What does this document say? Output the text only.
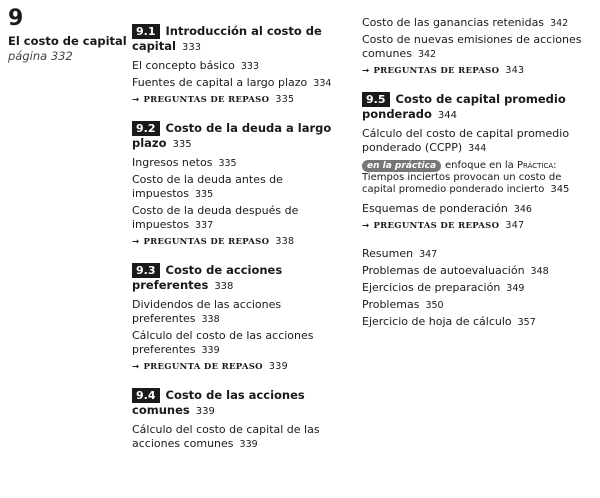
9
El costo de capital
página 332
9.1 Introducción al costo de capital 333
El concepto básico 333
Fuentes de capital a largo plazo 334
→ PREGUNTAS DE REPASO 335
9.2 Costo de la deuda a largo plazo 335
Ingresos netos 335
Costo de la deuda antes de impuestos 335
Costo de la deuda después de impuestos 337
→ PREGUNTAS DE REPASO 338
9.3 Costo de acciones preferentes 338
Dividendos de las acciones preferentes 338
Cálculo del costo de las acciones preferentes 339
→ PREGUNTA DE REPASO 339
9.4 Costo de las acciones comunes 339
Cálculo del costo de capital de las acciones comunes 339
Costo de las ganancias retenidas 342
Costo de nuevas emisiones de acciones comunes 342
→ PREGUNTAS DE REPASO 343
9.5 Costo de capital promedio ponderado 344
Cálculo del costo de capital promedio ponderado (CCPP) 344
en la práctica enfoque en la Práctica: Tiempos inciertos provocan un costo de capital promedio ponderado incierto 345
Esquemas de ponderación 346
→ PREGUNTAS DE REPASO 347
Resumen 347
Problemas de autoevaluación 348
Ejercicios de preparación 349
Problemas 350
Ejercicio de hoja de cálculo 357
